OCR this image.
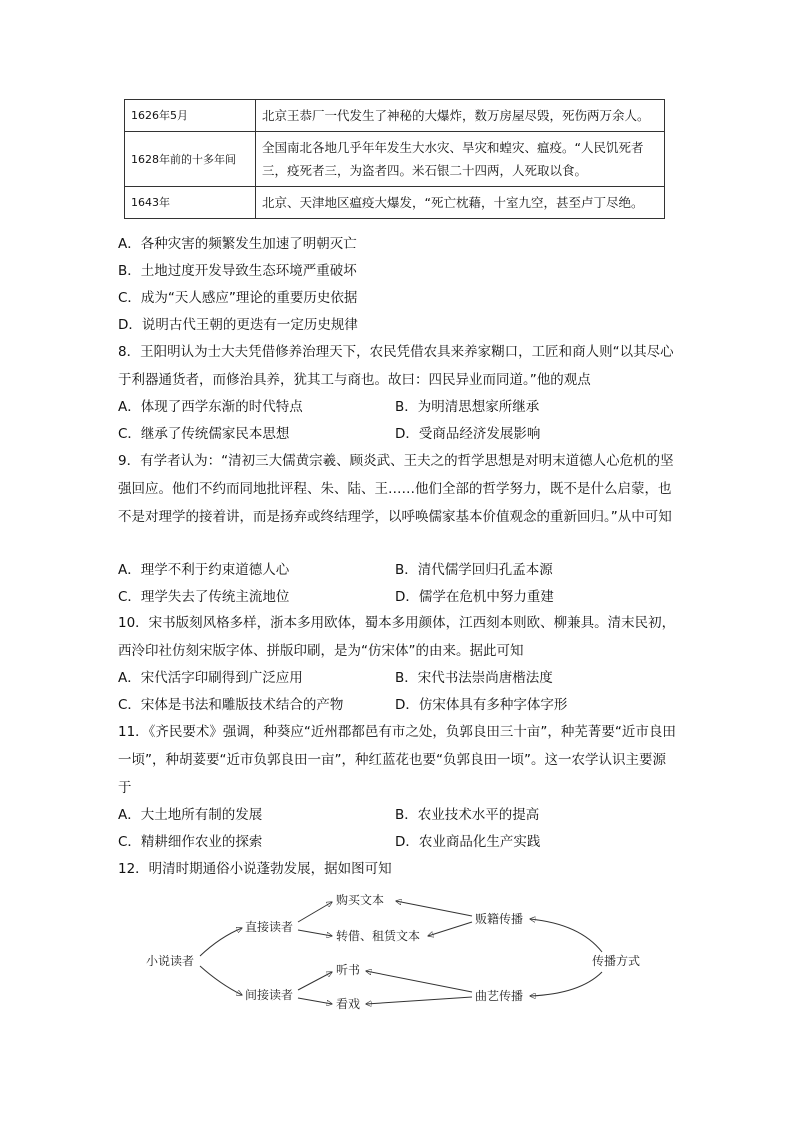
1626年5月	北京王恭厂一代发生了神秘的大爆炸，数万房屋尽毁，死伤两万余人。
1628年前的十多年间	全国南北各地几乎年年发生大水灾、旱灾和蝗灾、瘟疫。“人民饥死者三，疫死者三，为盗者四。米石银二十四两，人死取以食。
1643年	北京、天津地区瘟疫大爆发，“死亡枕藉，十室九空，甚至卢丁尽绝。
A．各种灾害的频繁发生加速了明朝灭亡
B．土地过度开发导致生态环境严重破坏
C．成为“天人感应”理论的重要历史依据
D．说明古代王朝的更迭有一定历史规律
8．王阳明认为士大夫凭借修养治理天下，农民凭借农具来养家糊口，工匠和商人则“以其尽心于利器通货者，而修治具养，犹其工与商也。故曰：四民异业而同道。”他的观点
A．体现了西学东渐的时代特点	B．为明清思想家所继承
C．继承了传统儒家民本思想	D．受商品经济发展影响
9．有学者认为：“清初三大儒黄宗羲、顾炎武、王夫之的哲学思想是对明末道德人心危机的坚强回应。他们不约而同地批评程、朱、陆、王……他们全部的哲学努力，既不是什么启蒙，也不是对理学的接着讲，而是扬弃或终结理学，以呼唤儒家基本价值观念的重新回归。”从中可知
A．理学不利于约束道德人心	B．清代儒学回归孔孟本源
C．理学失去了传统主流地位	D．儒学在危机中努力重建
10．宋书版刻风格多样，浙本多用欧体，蜀本多用颜体，江西刻本则欧、柳兼具。清末民初，西泠印社仿刻宋版字体、拼版印刷，是为“仿宋体”的由来。据此可知
A．宋代活字印刷得到广泛应用	B．宋代书法崇尚唐楷法度
C．宋体是书法和雕版技术结合的产物	D．仿宋体具有多种字体字形
11．《齐民要术》强调，种葵应“近州郡都邑有市之处，负郭良田三十亩”，种芜菁要“近市良田一顷”，种胡荽要“近市负郭良田一亩”，种红蓝花也要“负郭良田一顷”。这一农学认识主要源于
A．大土地所有制的发展	B．农业技术水平的提高
C．精耕细作农业的探索	D．农业商品化生产实践
12．明清时期通俗小说蓬勃发展，据如图可知
小说读者
直接读者
间接读者
购买文本
转借、租赁文本
听书
看戏
贩籍传播
曲艺传播
传播方式
